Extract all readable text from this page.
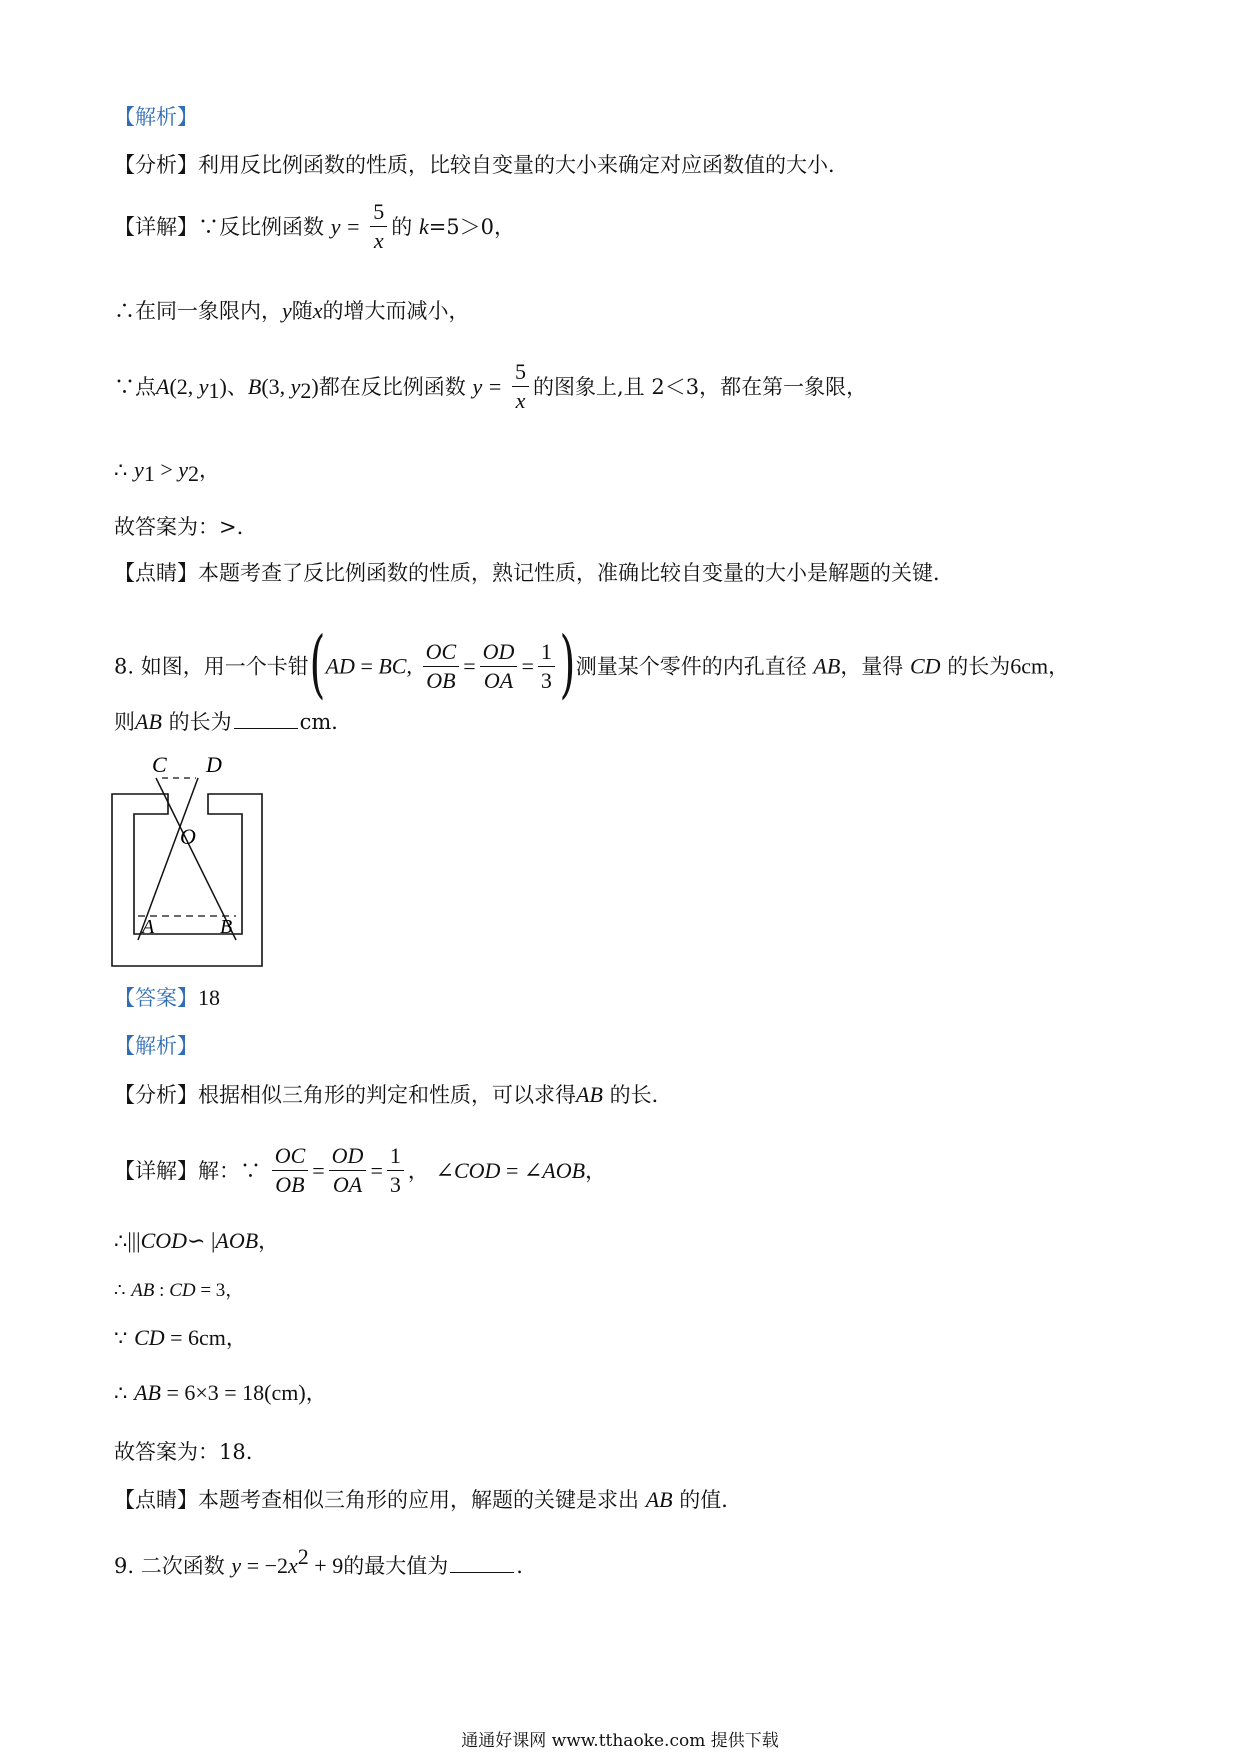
【解析】
【分析】利用反比例函数的性质，比较自变量的大小来确定对应函数值的大小．
【详解】∵反比例函数 $y = \frac{5}{x}$ 的 k=5＞0，
∴在同一象限内，y随x的增大而减小，
∵点A(2, $y_1$)、B(3, $y_2$)都在反比例函数 $y = \frac{5}{x}$ 的图象上,且 2＜3，都在第一象限，
∴ $y_1 > y_2$，
故答案为：>.
【点睛】本题考查了反比例函数的性质，熟记性质，准确比较自变量的大小是解题的关键．
8. 如图，用一个卡钳(AD = BC, $\frac{OC}{OB} = \frac{OD}{OA} = \frac{1}{3}$ )测量某个零件的内孔直径 AB，量得 CD 的长为6cm，
则AB 的长为	cm．
C D
O
A	B
【答案】18
【解析】
【分析】根据相似三角形的判定和性质，可以求得AB 的长．
【详解】解：∵ $\frac{OC}{OB} = \frac{OD}{OA} = \frac{1}{3}$ ， ∠COD = ∠AOB，
∴|||COD∽ |AOB，
∴ AB : CD = 3，
∵ CD = 6cm，
∴ AB = 6×3 = 18(cm)，
故答案为：18.
【点睛】本题考查相似三角形的应用，解题的关键是求出 AB 的值．
9. 二次函数 $y = -2x^2 + 9$的最大值为	.
通通好课网 www.tthaoke.com 提供下载
